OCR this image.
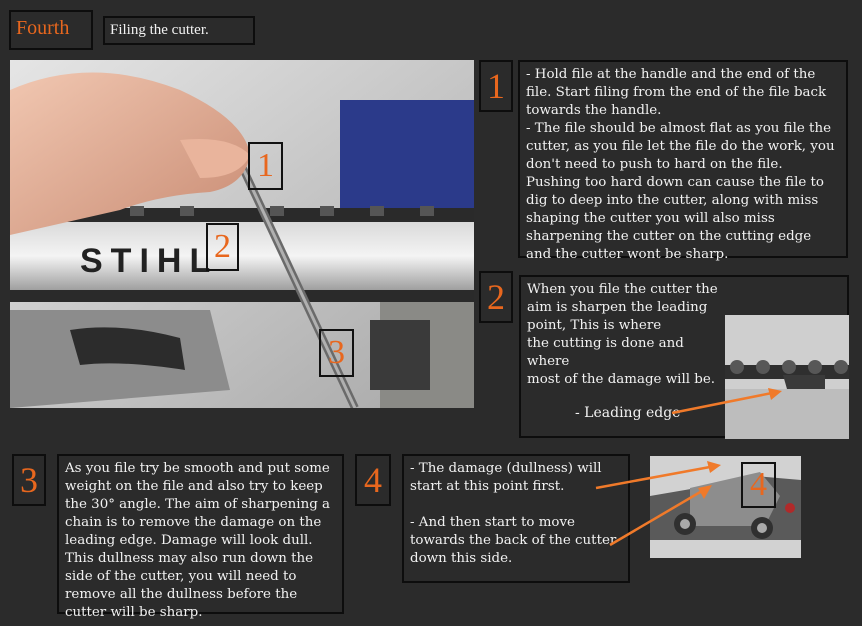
Fourth	Filing the cutter.
STIHL
1
2
3
1	- Hold file at the handle and the end of the file. Start filing from the end of the file back towards the handle.
- The file should be almost flat as you file the cutter, as you file let the file do the work, you don't need to push to hard on the file. Pushing too hard down can cause the file to dig to deep into the cutter, along with miss shaping the cutter you will also miss sharpening the cutter on the cutting edge and the cutter wont be sharp.
2	When you file the cutter the aim is sharpen the leading point, This is where
the cutting is done and where
most of the damage will be.
- Leading edge
3	As you file try be smooth and put some weight on the file and also try to keep the 30° angle. The aim of sharpening a chain is to remove the damage on the leading edge. Damage will look dull. This dullness may also run down the side of the cutter, you will need to remove all the dullness before the cutter will be sharp.
4	- The damage (dullness) will start at this point first.

- And then start to move towards the back of the cutter down this side.
4
